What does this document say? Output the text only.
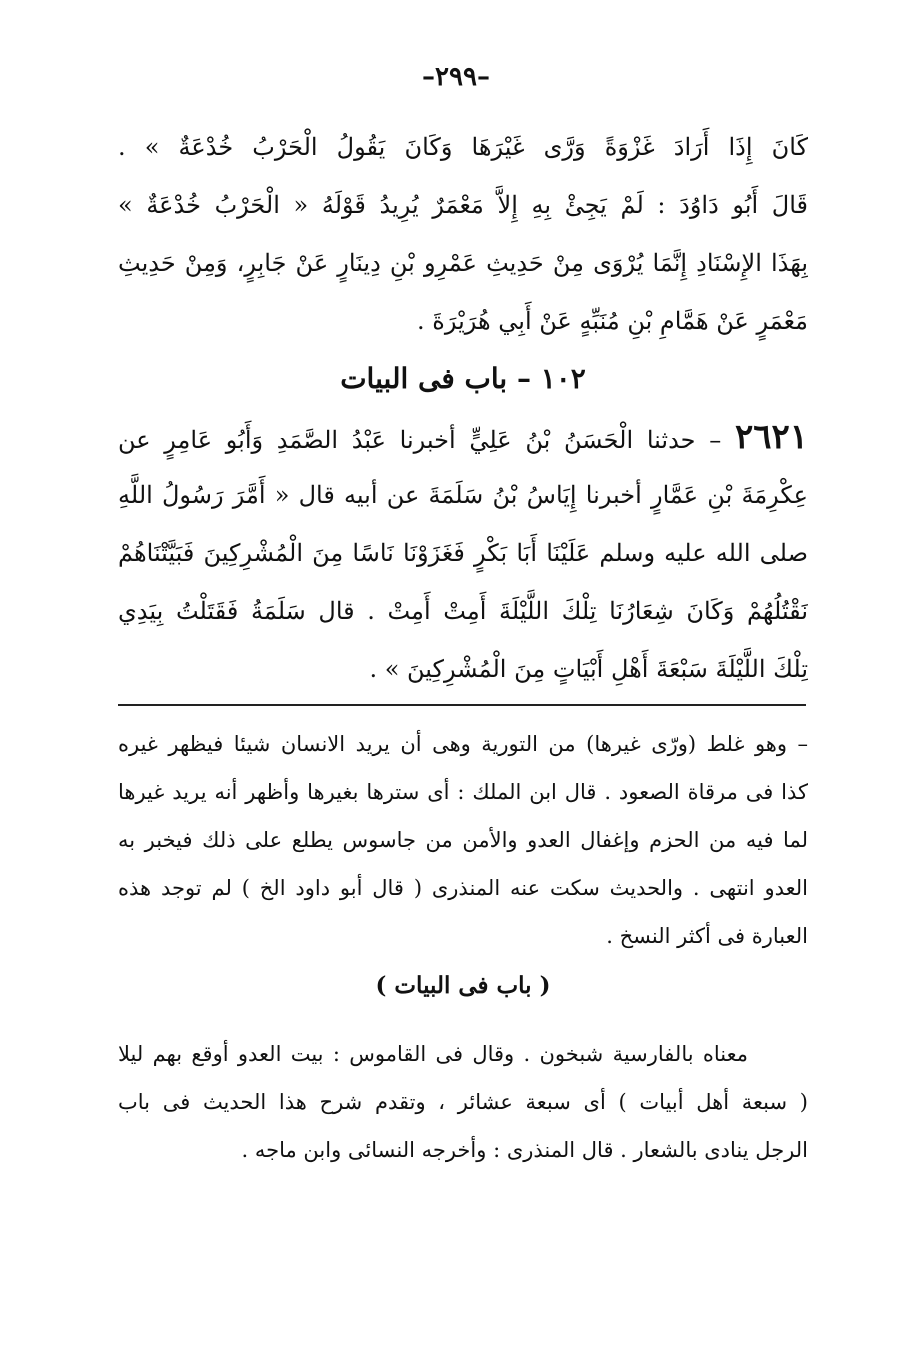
–٢٩٩–
كَانَ إِذَا أَرَادَ غَزْوَةً وَرَّى غَيْرَهَا وَكَانَ يَقُولُ الْحَرْبُ خُدْعَةٌ » .
قَالَ أَبُو دَاوُدَ : لَمْ يَجِئْ بِهِ إِلاَّ مَعْمَرٌ يُرِيدُ قَوْلَهُ « الْحَرْبُ خُدْعَةٌ »
بِهَذَا الإِسْنَادِ إِنَّمَا يُرْوَى مِنْ حَدِيثِ عَمْرِو بْنِ دِينَارٍ عَنْ جَابِرٍ، وَمِنْ حَدِيثِ
مَعْمَرٍ عَنْ هَمَّامِ بْنِ مُنَبِّهٍ عَنْ أَبِي هُرَيْرَةَ .
١٠٢ – باب فى البيات
٢٦٢١ – حدثنا الْحَسَنُ بْنُ عَلِيٍّ أخبرنا عَبْدُ الصَّمَدِ وَأَبُو عَامِرٍ عن
عِكْرِمَةَ بْنِ عَمَّارٍ أخبرنا إِيَاسُ بْنُ سَلَمَةَ عن أبيه قال « أَمَّرَ رَسُولُ اللَّهِ
صلى الله عليه وسلم عَلَيْنَا أَبَا بَكْرٍ فَغَزَوْنَا نَاسًا مِنَ الْمُشْرِكِينَ فَبَيَّتْنَاهُمْ
نَقْتُلُهُمْ وَكَانَ شِعَارُنَا تِلْكَ اللَّيْلَةَ أَمِتْ أَمِتْ . قال سَلَمَةُ فَقَتَلْتُ بِيَدِي
تِلْكَ اللَّيْلَةَ سَبْعَةَ أَهْلِ أَبْيَاتٍ مِنَ الْمُشْرِكِينَ » .
– وهو غلط (ورّى غيرها) من التورية وهى أن يريد الانسان شيئا فيظهر غيره
كذا فى مرقاة الصعود . قال ابن الملك : أى سترها بغيرها وأظهر أنه يريد غيرها
لما فيه من الحزم وإغفال العدو والأمن من جاسوس يطلع على ذلك فيخبر به
العدو انتهى . والحديث سكت عنه المنذرى ( قال أبو داود الخ ) لم توجد هذه
العبارة فى أكثر النسخ .
( باب فى البيات )
معناه بالفارسية شبخون . وقال فى القاموس : بيت العدو أوقع بهم ليلا
( سبعة أهل أبيات ) أى سبعة عشائر ، وتقدم شرح هذا الحديث فى باب
الرجل ينادى بالشعار . قال المنذرى : وأخرجه النسائى وابن ماجه .
